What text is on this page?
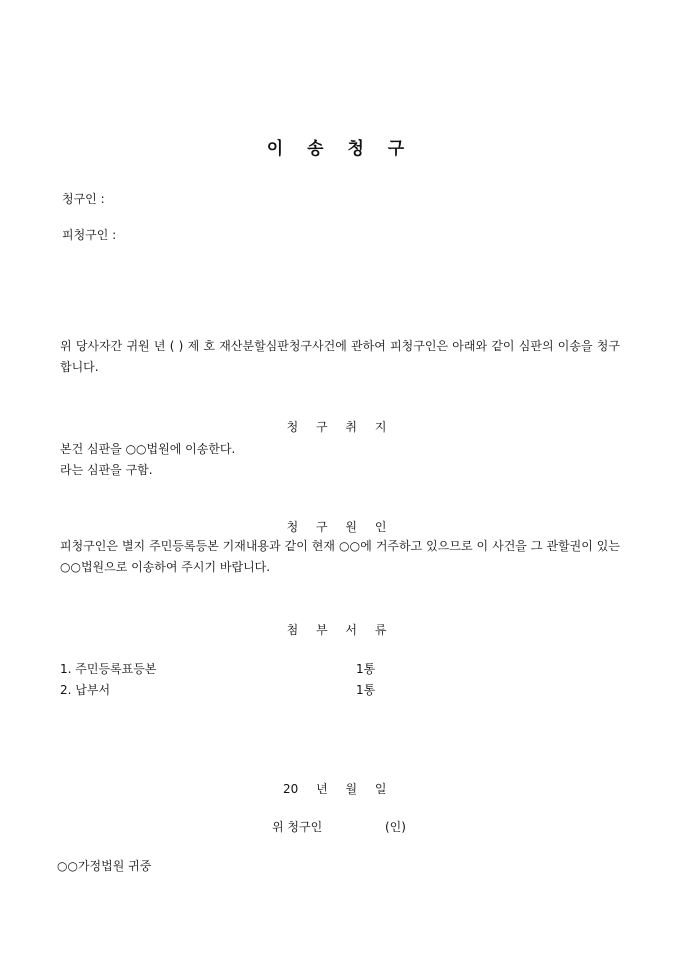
이 송 청 구
청구인 :
피청구인 :
위 당사자간 귀원 년 ( ) 제 호 재산분할심판청구사건에 관하여 피청구인은 아래와 같이 심판의 이송을 청구합니다.
청 구 취 지
본건 심판을 ○○법원에 이송한다.
라는 심판을 구함.
청 구 원 인
피청구인은 별지 주민등록등본 기재내용과 같이 현재 ○○에 거주하고 있으므로 이 사건을 그 관할권이 있는 ○○법원으로 이송하여 주시기 바랍니다.
첨 부 서 류
1. 주민등록표등본	1통
2. 납부서	1통
20 년 월 일
위 청구인	(인)
○○가정법원 귀중
